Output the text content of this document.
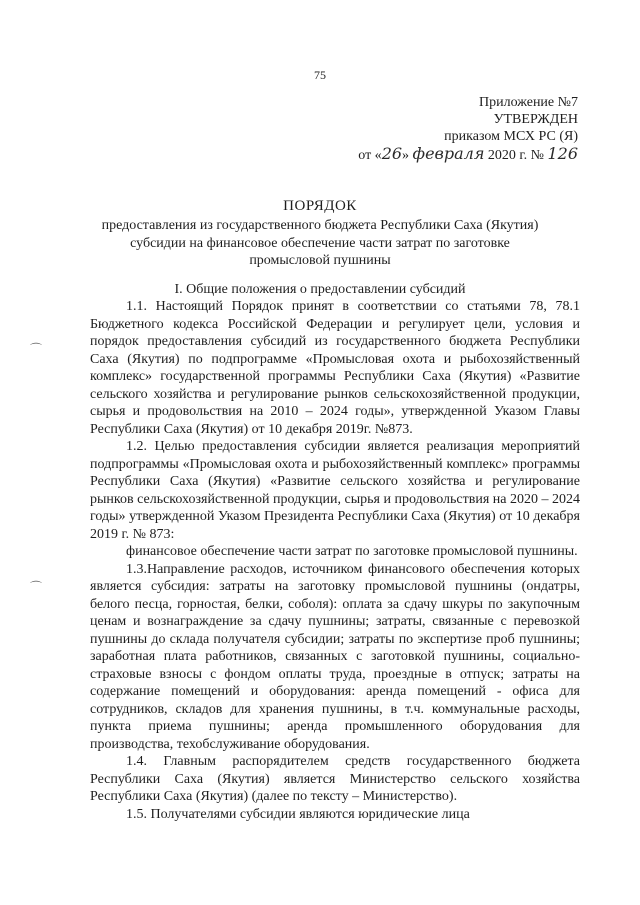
75
Приложение №7
УТВЕРЖДЕН
приказом МСХ РС (Я)
от «26» февраля 2020 г. № 126
ПОРЯДОК
предоставления из государственного бюджета Республики Саха (Якутия) субсидии на финансовое обеспечение части затрат по заготовке промысловой пушнины
I. Общие положения о предоставлении субсидий

1.1. Настоящий Порядок принят в соответствии со статьями 78, 78.1 Бюджетного кодекса Российской Федерации и регулирует цели, условия и порядок предоставления субсидий из государственного бюджета Республики Саха (Якутия) по подпрограмме «Промысловая охота и рыбохозяйственный комплекс» государственной программы Республики Саха (Якутия) «Развитие сельского хозяйства и регулирование рынков сельскохозяйственной продукции, сырья и продовольствия на 2010 – 2024 годы», утвержденной Указом Главы Республики Саха (Якутия) от 10 декабря 2019г. №873.

1.2. Целью предоставления субсидии является реализация мероприятий подпрограммы «Промысловая охота и рыбохозяйственный комплекс» программы Республики Саха (Якутия) «Развитие сельского хозяйства и регулирование рынков сельскохозяйственной продукции, сырья и продовольствия на 2020 – 2024 годы» утвержденной Указом Президента Республики Саха (Якутия) от 10 декабря 2019 г. № 873:

финансовое обеспечение части затрат по заготовке промысловой пушнины.

1.3.Направление расходов, источником финансового обеспечения которых является субсидия: затраты на заготовку промысловой пушнины (ондатры, белого песца, горностая, белки, соболя): оплата за сдачу шкуры по закупочным ценам и вознаграждение за сдачу пушнины; затраты, связанные с перевозкой пушнины до склада получателя субсидии; затраты по экспертизе проб пушнины; заработная плата работников, связанных с заготовкой пушнины, социально-страховые взносы с фондом оплаты труда, проездные в отпуск; затраты на содержание помещений и оборудования: аренда помещений - офиса для сотрудников, складов для хранения пушнины, в т.ч. коммунальные расходы, пункта приема пушнины; аренда промышленного оборудования для производства, техобслуживание оборудования.

1.4. Главным распорядителем средств государственного бюджета Республики Саха (Якутия) является Министерство сельского хозяйства Республики Саха (Якутия) (далее по тексту – Министерство).

1.5. Получателями субсидии являются юридические лица

⌒
⌒
